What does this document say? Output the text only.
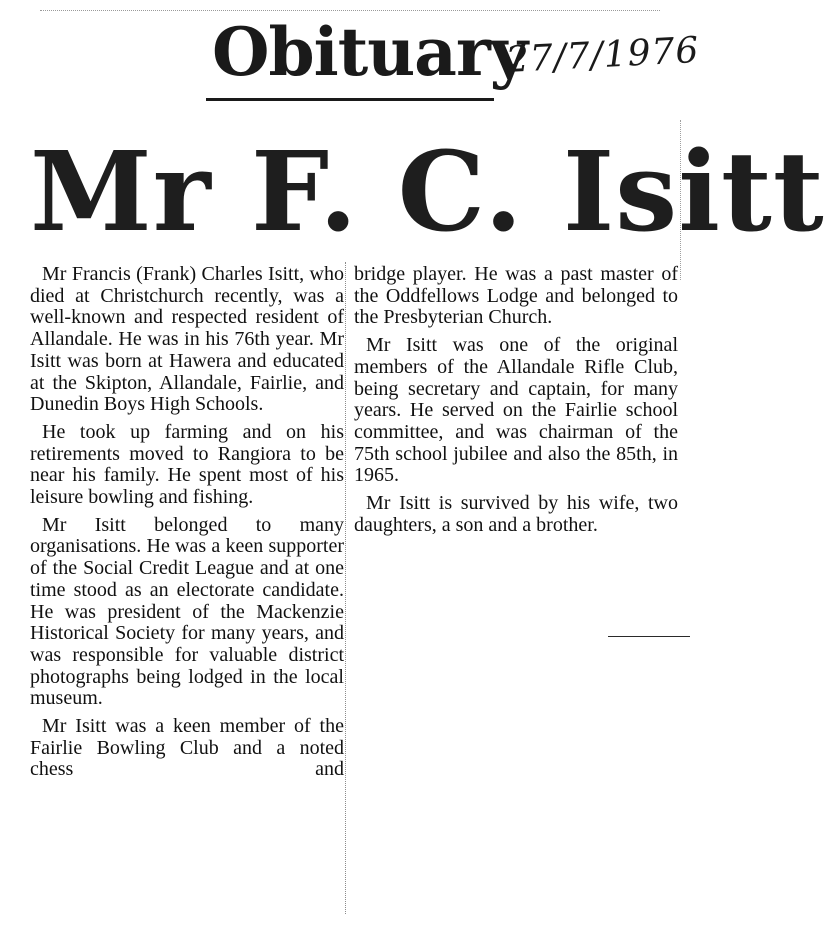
Obituary
27/7/1976
Mr F. C. Isitt

Mr Francis (Frank) Charles Isitt, who died at Christchurch recently, was a well-known and respected resident of Allandale. He was in his 76th year. Mr Isitt was born at Hawera and educated at the Skipton, Allandale, Fairlie, and Dunedin Boys High Schools.

He took up farming and on his retirements moved to Rangiora to be near his family. He spent most of his leisure bowling and fishing.

Mr Isitt belonged to many organisations. He was a keen supporter of the Social Credit League and at one time stood as an electorate candidate. He was president of the Mackenzie Historical Society for many years, and was responsible for valuable district photographs being lodged in the local museum.

Mr Isitt was a keen member of the Fairlie Bowling Club and a noted chess and

bridge player. He was a past master of the Oddfellows Lodge and belonged to the Presbyterian Church.

Mr Isitt was one of the original members of the Allandale Rifle Club, being secretary and captain, for many years. He served on the Fairlie school committee, and was chairman of the 75th school jubilee and also the 85th, in 1965.

Mr Isitt is survived by his wife, two daughters, a son and a brother.
